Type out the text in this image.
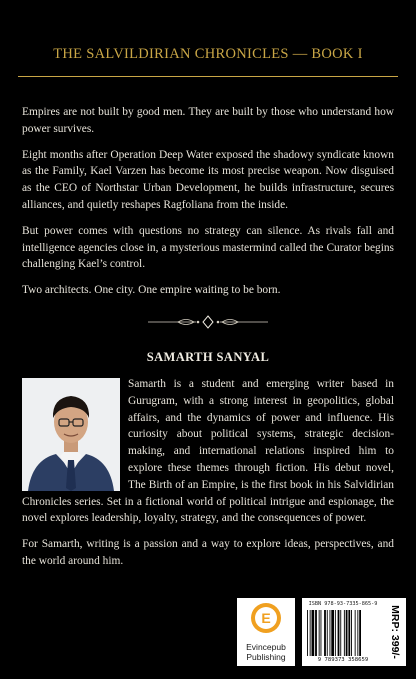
THE SALVILDIRIAN CHRONICLES — BOOK I

Empires are not built by good men. They are built by those who understand how power survives.

Eight months after Operation Deep Water exposed the shadowy syndicate known as the Family, Kael Varzen has become its most precise weapon. Now disguised as the CEO of Northstar Urban Development, he builds infrastructure, secures alliances, and quietly reshapes Ragfoliana from the inside.

But power comes with questions no strategy can silence. As rivals fall and intelligence agencies close in, a mysterious mastermind called the Curator begins challenging Kael’s control.

Two architects. One city. One empire waiting to be born.

SAMARTH SANYAL

Samarth is a student and emerging writer based in Gurugram, with a strong interest in geopolitics, global affairs, and the dynamics of power and influence. His curiosity about political systems, strategic decision-making, and international relations inspired him to explore these themes through fiction. His debut novel, The Birth of an Empire, is the first book in his Salvidirian Chronicles series. Set in a fictional world of political intrigue and espionage, the novel explores leadership, loyalty, strategy, and the consequences of power.

For Samarth, writing is a passion and a way to explore ideas, perspectives, and the world around him.

E
Evincepub
Publishing
ISBN 978-93-7335-865-9
9 789373 358659
MRP: 399/-
